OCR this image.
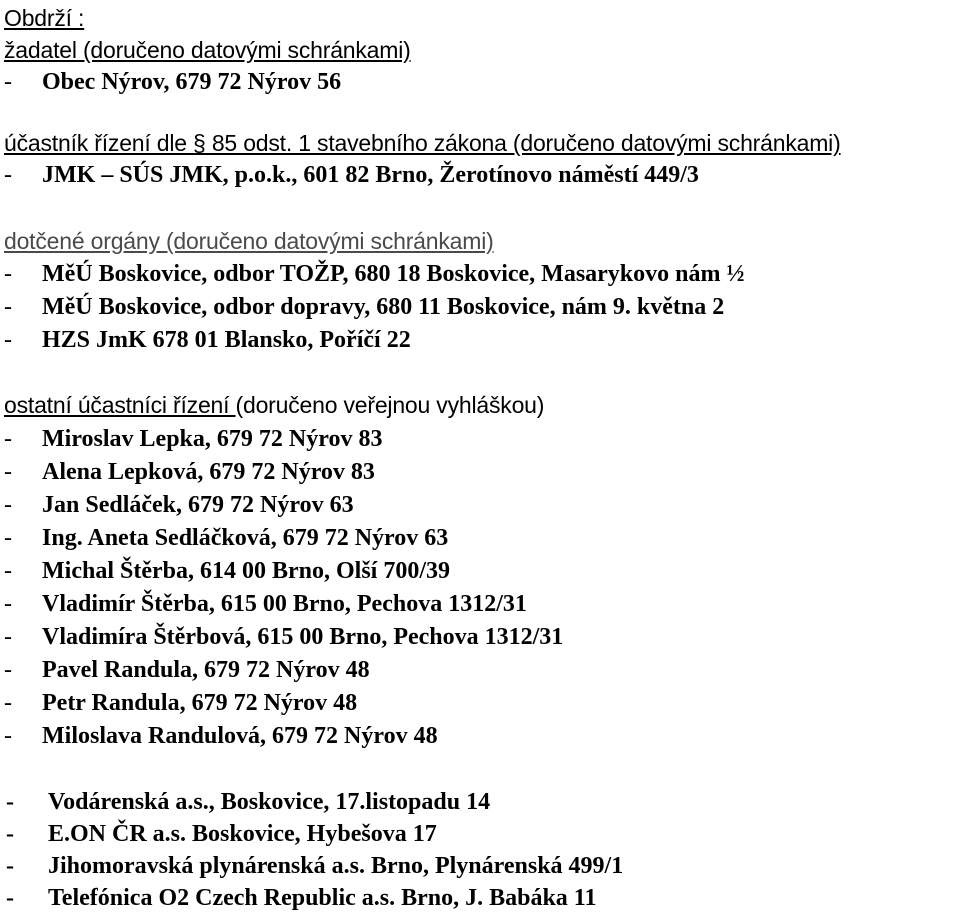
Obdrží :
žadatel (doručeno datovými schránkami)
- Obec Nýrov, 679 72 Nýrov 56
účastník řízení dle § 85 odst. 1 stavebního zákona (doručeno datovými schránkami)
- JMK – SÚS JMK, p.o.k., 601 82 Brno, Žerotínovo náměstí 449/3
dotčené orgány (doručeno datovými schránkami)
- MěÚ Boskovice, odbor TOŽP, 680 18 Boskovice, Masarykovo nám ½
- MěÚ Boskovice, odbor dopravy, 680 11 Boskovice, nám 9. května 2
- HZS JmK 678 01 Blansko, Poříčí 22
ostatní účastníci řízení (doručeno veřejnou vyhláškou)
- Miroslav Lepka, 679 72 Nýrov 83
- Alena Lepková, 679 72 Nýrov 83
- Jan Sedláček, 679 72 Nýrov 63
- Ing. Aneta Sedláčková, 679 72 Nýrov 63
- Michal Štěrba, 614 00 Brno, Olší 700/39
- Vladimír Štěrba, 615 00 Brno, Pechova 1312/31
- Vladimíra Štěrbová, 615 00 Brno, Pechova 1312/31
- Pavel Randula, 679 72 Nýrov 48
- Petr Randula, 679 72 Nýrov 48
- Miloslava Randulová, 679 72 Nýrov 48
- Vodárenská a.s., Boskovice, 17.listopadu 14
- E.ON ČR a.s. Boskovice, Hybešova 17
- Jihomoravská plynárenská a.s. Brno, Plynárenská 499/1
- Telefónica O2 Czech Republic a.s. Brno, J. Babáka 11
